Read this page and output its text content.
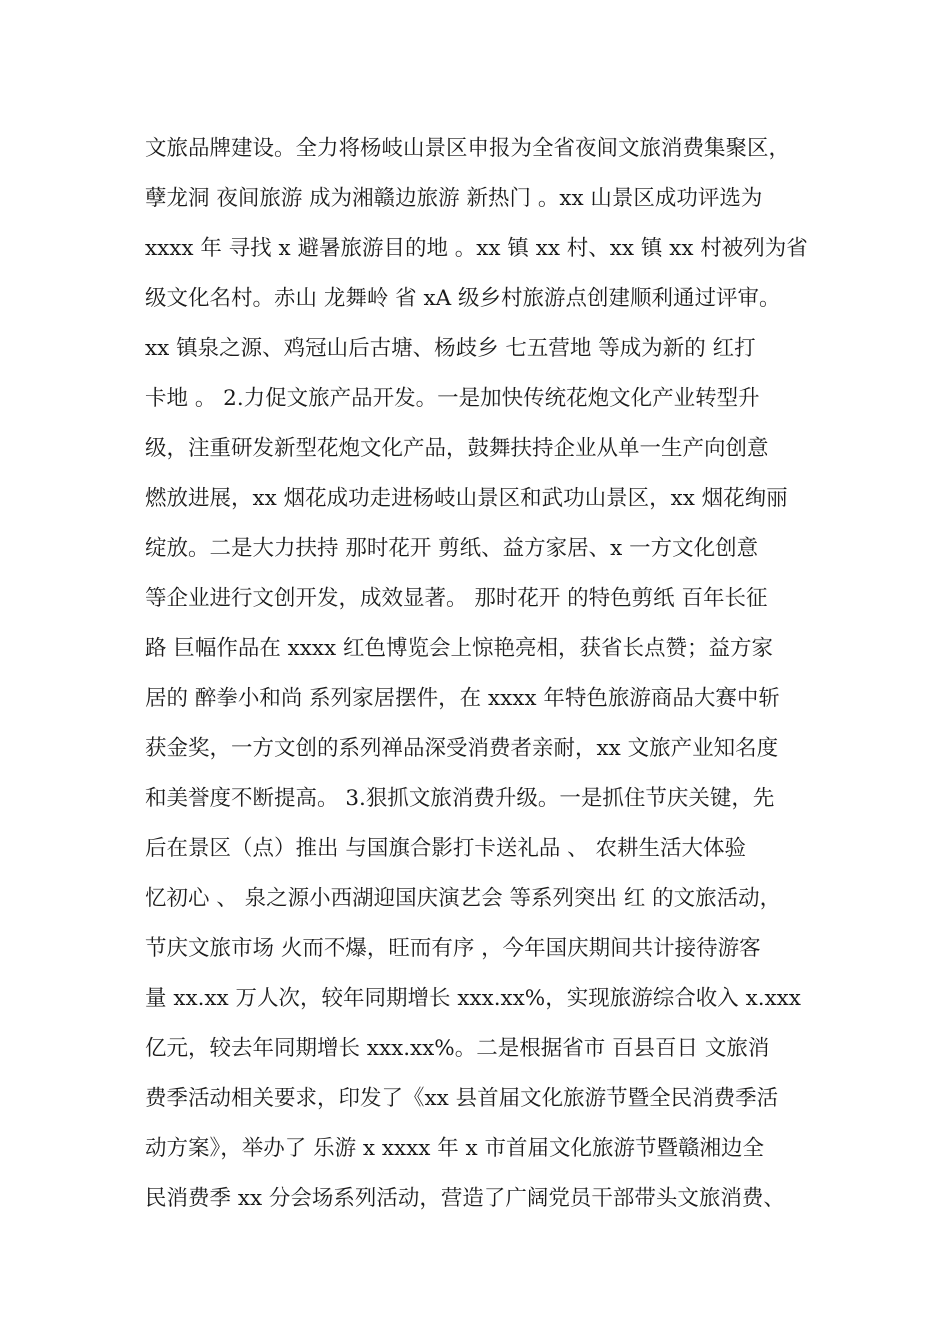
文旅品牌建设。全力将杨岐山景区申报为全省夜间文旅消费集聚区，
孽龙洞 夜间旅游 成为湘赣边旅游 新热门 。xx 山景区成功评选为
xxxx 年 寻找 x 避暑旅游目的地 。xx 镇 xx 村、xx 镇 xx 村被列为省
级文化名村。赤山 龙舞岭 省 xA 级乡村旅游点创建顺利通过评审。
xx 镇泉之源、鸡冠山后古塘、杨歧乡 七五营地 等成为新的 红打
卡地 。 2.力促文旅产品开发。一是加快传统花炮文化产业转型升
级，注重研发新型花炮文化产品，鼓舞扶持企业从单一生产向创意
燃放进展，xx 烟花成功走进杨岐山景区和武功山景区，xx 烟花绚丽
绽放。二是大力扶持 那时花开 剪纸、益方家居、x 一方文化创意
等企业进行文创开发，成效显著。 那时花开 的特色剪纸 百年长征
路 巨幅作品在 xxxx 红色博览会上惊艳亮相，获省长点赞；益方家
居的 醉拳小和尚 系列家居摆件，在 xxxx 年特色旅游商品大赛中斩
获金奖，一方文创的系列禅品深受消费者亲耐，xx 文旅产业知名度
和美誉度不断提高。 3.狠抓文旅消费升级。一是抓住节庆关键，先
后在景区（点）推出 与国旗合影打卡送礼品 、 农耕生活大体验
忆初心 、 泉之源小西湖迎国庆演艺会 等系列突出 红 的文旅活动，
节庆文旅市场 火而不爆，旺而有序 ，今年国庆期间共计接待游客
量 xx.xx 万人次，较年同期增长 xxx.xx%，实现旅游综合收入 x.xxx
亿元，较去年同期增长 xxx.xx%。二是根据省市 百县百日 文旅消
费季活动相关要求，印发了《xx 县首届文化旅游节暨全民消费季活
动方案》，举办了 乐游 x xxxx 年 x 市首届文化旅游节暨赣湘边全
民消费季 xx 分会场系列活动，营造了广阔党员干部带头文旅消费、
